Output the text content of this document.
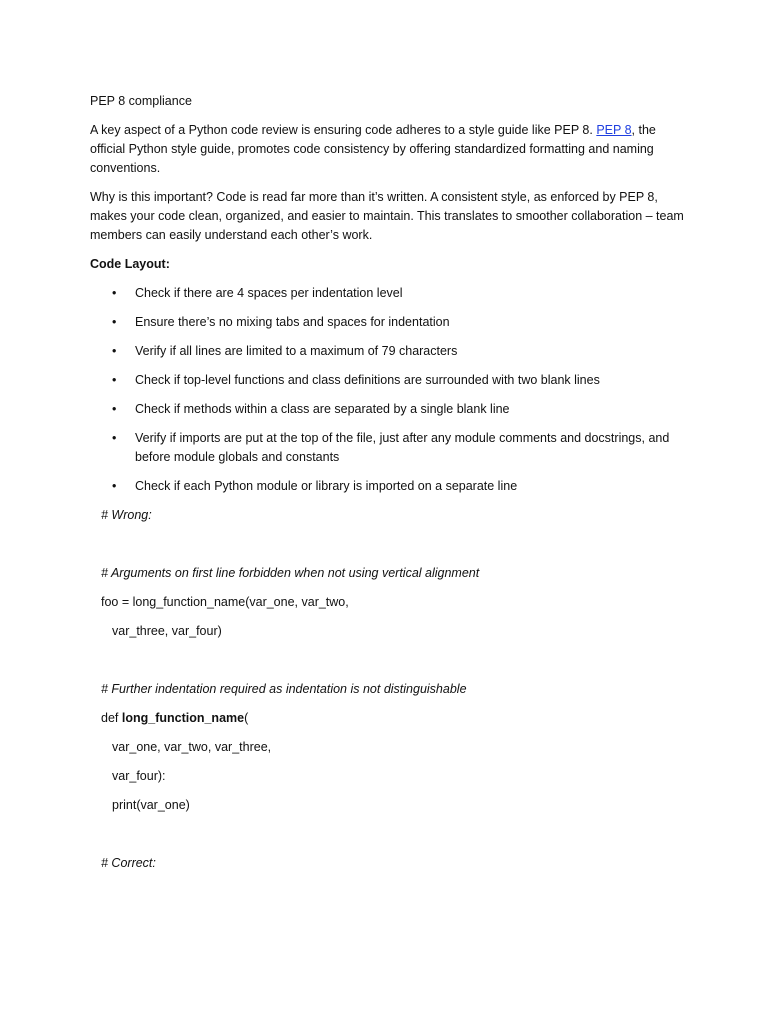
PEP 8 compliance

A key aspect of a Python code review is ensuring code adheres to a style guide like PEP 8. PEP 8, the official Python style guide, promotes code consistency by offering standardized formatting and naming conventions.

Why is this important? Code is read far more than it’s written. A consistent style, as enforced by PEP 8, makes your code clean, organized, and easier to maintain. This translates to smoother collaboration – team members can easily understand each other’s work.

Code Layout:

• Check if there are 4 spaces per indentation level
• Ensure there’s no mixing tabs and spaces for indentation
• Verify if all lines are limited to a maximum of 79 characters
• Check if top-level functions and class definitions are surrounded with two blank lines
• Check if methods within a class are separated by a single blank line
• Verify if imports are put at the top of the file, just after any module comments and docstrings, and before module globals and constants
• Check if each Python module or library is imported on a separate line

# Wrong:

# Arguments on first line forbidden when not using vertical alignment

foo = long_function_name(var_one, var_two,

var_three, var_four)

# Further indentation required as indentation is not distinguishable

def long_function_name(

var_one, var_two, var_three,

var_four):

print(var_one)

# Correct:
